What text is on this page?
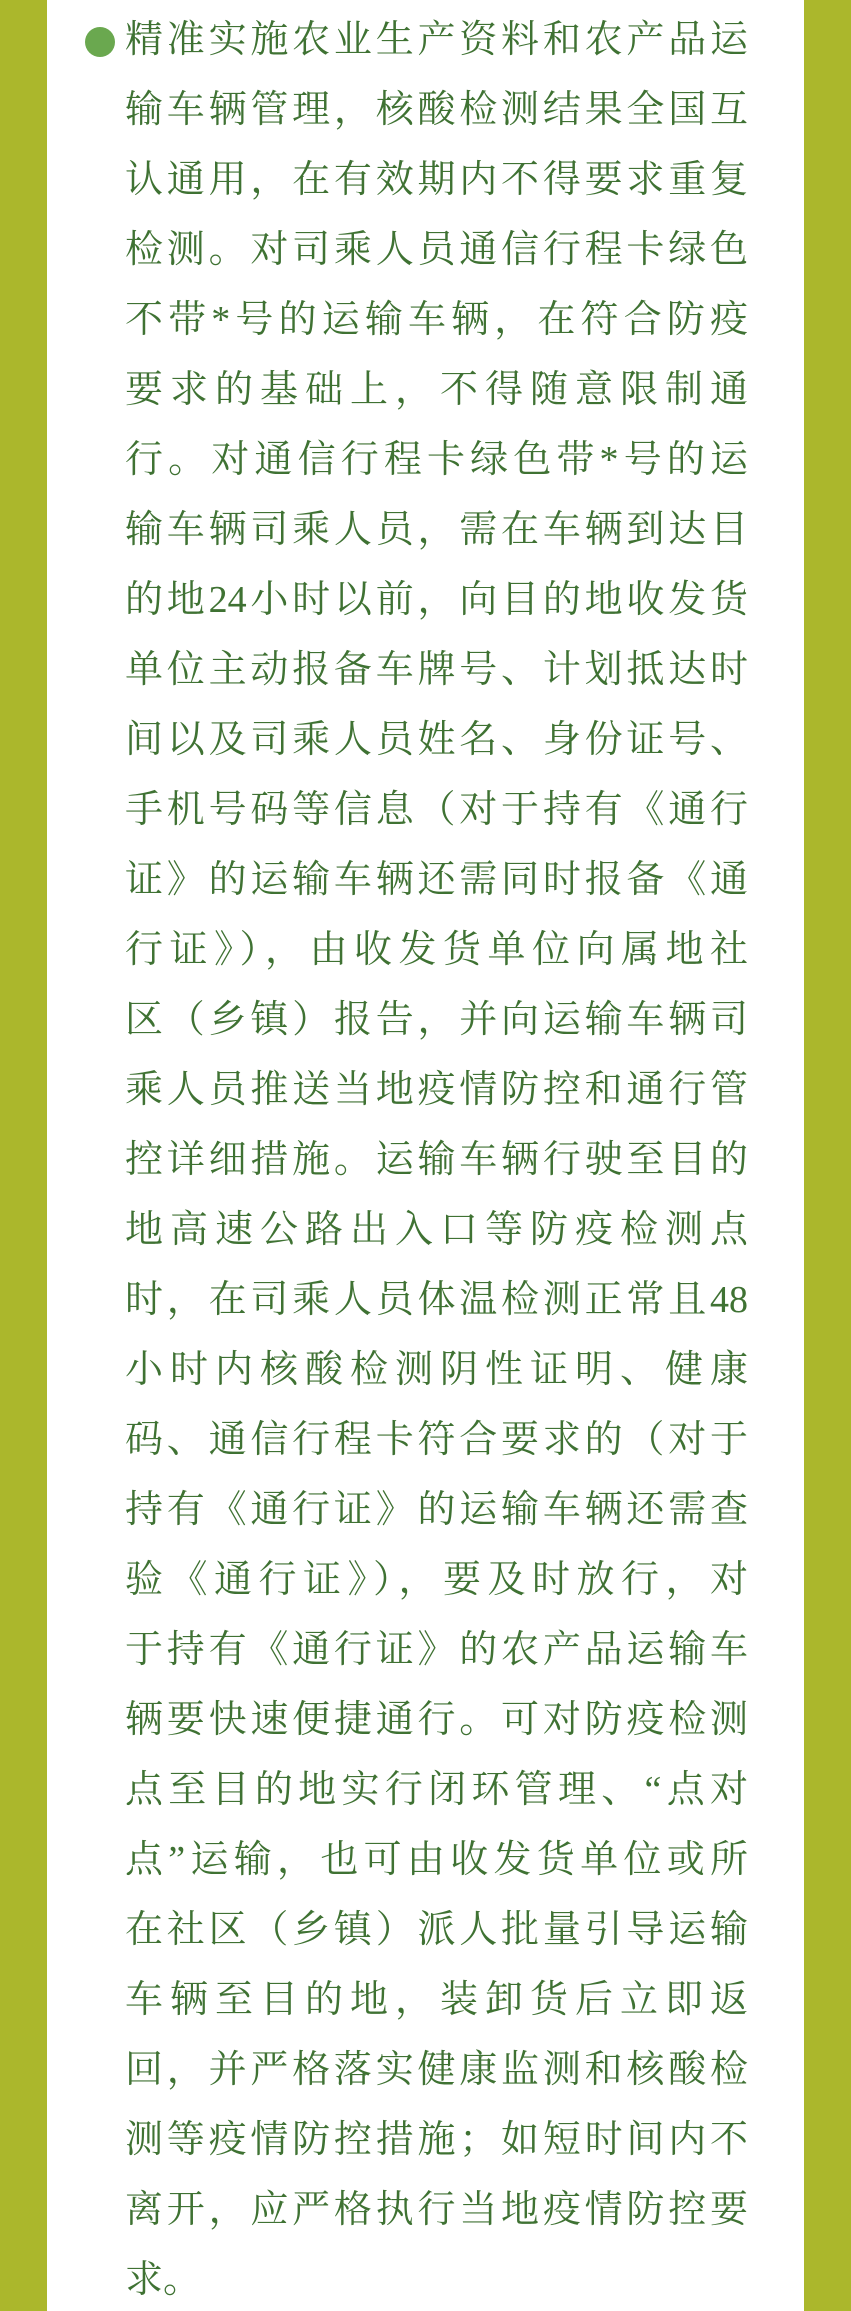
精准实施农业生产资料和农产品运
输车辆管理，核酸检测结果全国互
认通用，在有效期内不得要求重复
检测。对司乘人员通信行程卡绿色
不带*号的运输车辆，在符合防疫
要求的基础上，不得随意限制通
行。对通信行程卡绿色带*号的运
输车辆司乘人员，需在车辆到达目
的地24小时以前，向目的地收发货
单位主动报备车牌号、计划抵达时
间以及司乘人员姓名、身份证号、
手机号码等信息（对于持有《通行
证》的运输车辆还需同时报备《通
行证》），由收发货单位向属地社
区（乡镇）报告，并向运输车辆司
乘人员推送当地疫情防控和通行管
控详细措施。运输车辆行驶至目的
地高速公路出入口等防疫检测点
时，在司乘人员体温检测正常且48
小时内核酸检测阴性证明、健康
码、通信行程卡符合要求的（对于
持有《通行证》的运输车辆还需查
验《通行证》），要及时放行，对
于持有《通行证》的农产品运输车
辆要快速便捷通行。可对防疫检测
点至目的地实行闭环管理、“点对
点”运输，也可由收发货单位或所
在社区（乡镇）派人批量引导运输
车辆至目的地，装卸货后立即返
回，并严格落实健康监测和核酸检
测等疫情防控措施；如短时间内不
离开，应严格执行当地疫情防控要
求。
